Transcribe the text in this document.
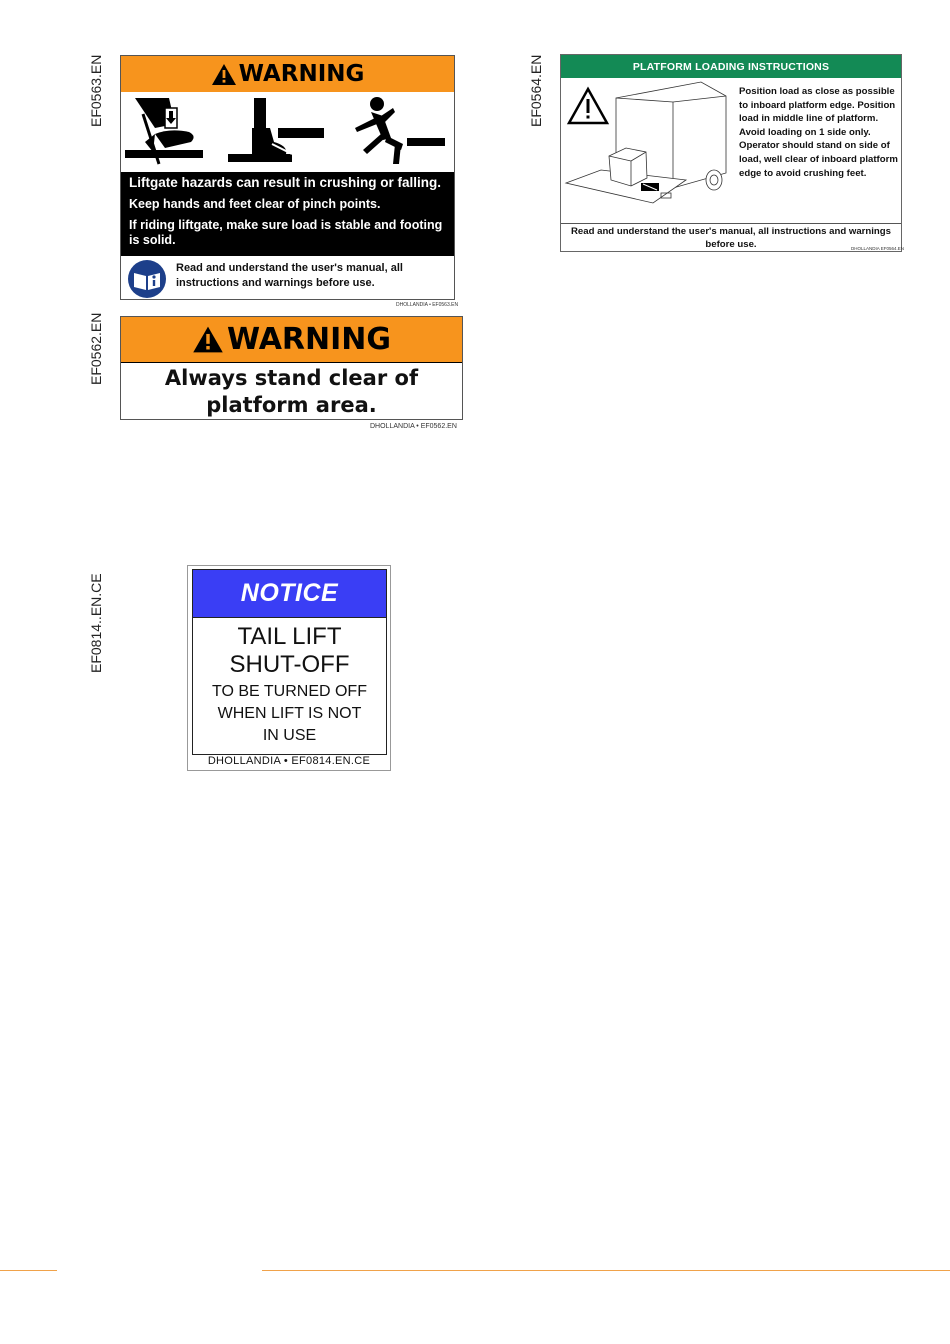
EF0563.EN
EF0562.EN
EF0564.EN
EF0814..EN.CE
WARNING
Liftgate hazards can result in crushing or falling.
Keep hands and feet clear of pinch points.
If riding liftgate, make sure load is stable and footing is solid.
Read and understand the user's manual, all instructions and warnings before use.
DHOLLANDIA • EF0563.EN
WARNING
Always stand clear of
platform area.
DHOLLANDIA • EF0562.EN
PLATFORM LOADING INSTRUCTIONS
Position load as close as possible to inboard platform edge. Position load in middle line of platform. Avoid loading on 1 side only. Operator should stand on side of load, well clear of inboard platform edge to avoid crushing feet.
Read and understand the user's manual, all instructions and warnings before use.	DHOLLANDIA EF0564.EN
NOTICE
TAIL LIFT
SHUT-OFF
TO BE TURNED OFF
WHEN LIFT IS NOT
IN USE
DHOLLANDIA • EF0814.EN.CE
